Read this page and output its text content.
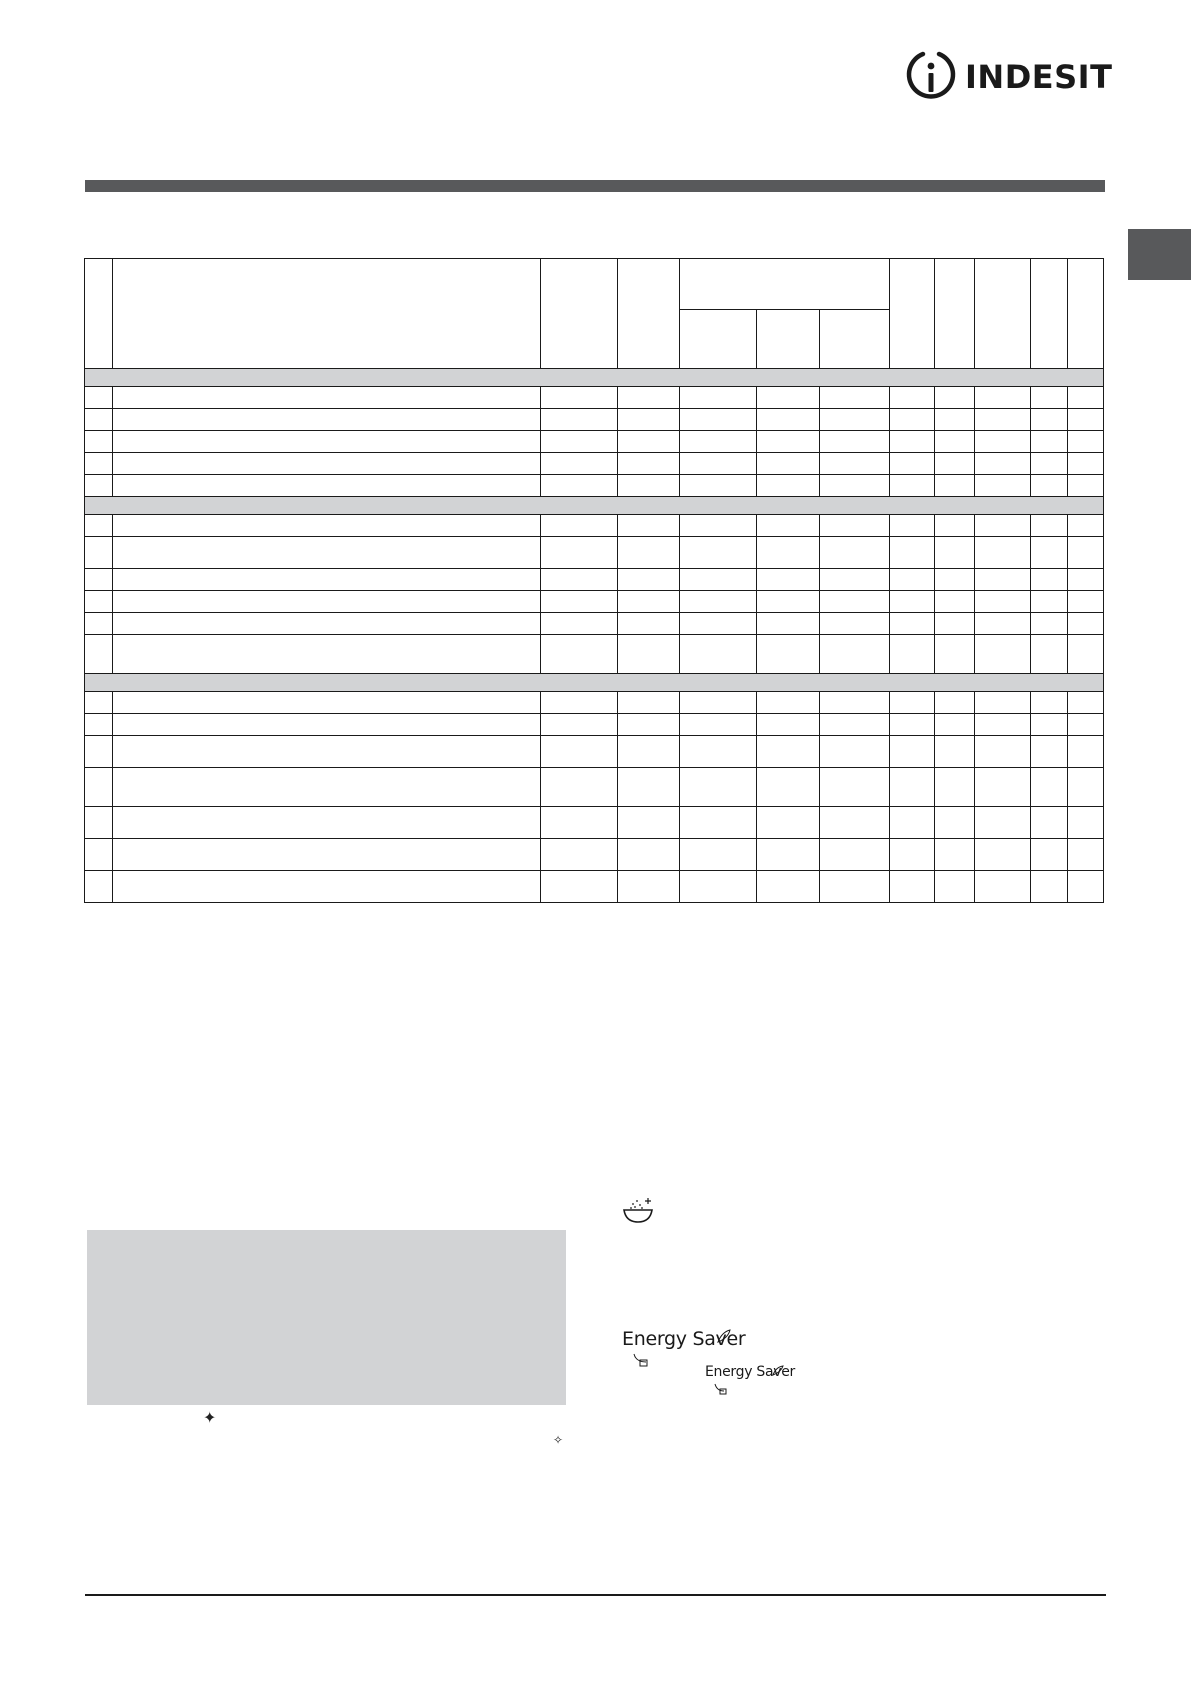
INDESIT

✦
✧
Energy Saver
Energy Saver
